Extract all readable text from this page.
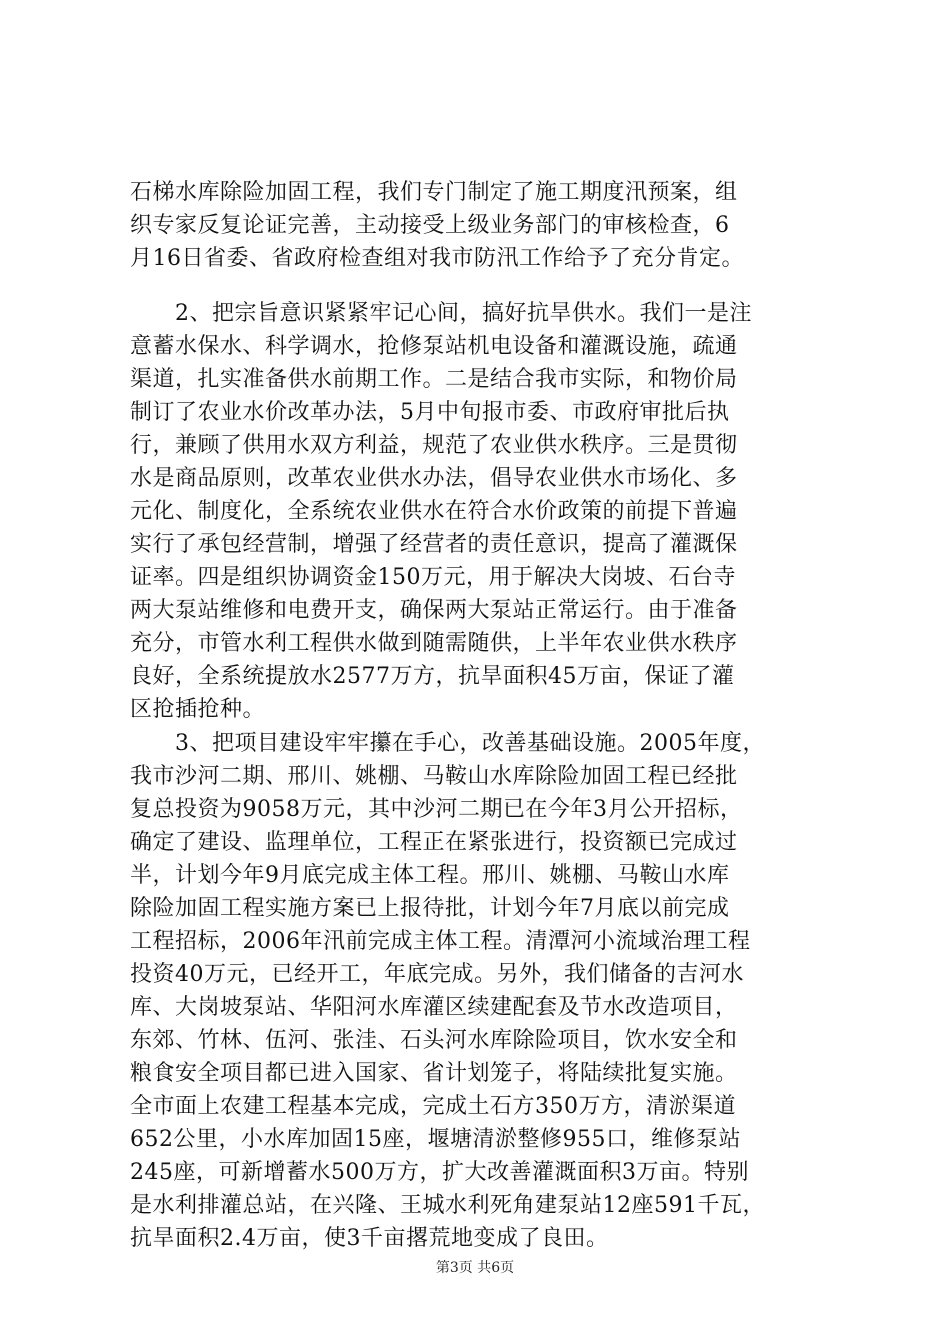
石梯水库除险加固工程，我们专门制定了施工期度汛预案，组
织专家反复论证完善，主动接受上级业务部门的审核检查，6
月16日省委、省政府检查组对我市防汛工作给予了充分肯定。
　　2、把宗旨意识紧紧牢记心间，搞好抗旱供水。我们一是注
意蓄水保水、科学调水，抢修泵站机电设备和灌溉设施，疏通
渠道，扎实准备供水前期工作。二是结合我市实际，和物价局
制订了农业水价改革办法，5月中旬报市委、市政府审批后执
行，兼顾了供用水双方利益，规范了农业供水秩序。三是贯彻
水是商品原则，改革农业供水办法，倡导农业供水市场化、多
元化、制度化，全系统农业供水在符合水价政策的前提下普遍
实行了承包经营制，增强了经营者的责任意识，提高了灌溉保
证率。四是组织协调资金150万元，用于解决大岗坡、石台寺
两大泵站维修和电费开支，确保两大泵站正常运行。由于准备
充分，市管水利工程供水做到随需随供，上半年农业供水秩序
良好，全系统提放水2577万方，抗旱面积45万亩，保证了灌
区抢插抢种。
　　3、把项目建设牢牢攥在手心，改善基础设施。2005年度，
我市沙河二期、邢川、姚棚、马鞍山水库除险加固工程已经批
复总投资为9058万元，其中沙河二期已在今年3月公开招标，
确定了建设、监理单位，工程正在紧张进行，投资额已完成过
半，计划今年9月底完成主体工程。邢川、姚棚、马鞍山水库
除险加固工程实施方案已上报待批，计划今年7月底以前完成
工程招标，2006年汛前完成主体工程。清潭河小流域治理工程
投资40万元，已经开工，年底完成。另外，我们储备的吉河水
库、大岗坡泵站、华阳河水库灌区续建配套及节水改造项目，
东郊、竹林、伍河、张洼、石头河水库除险项目，饮水安全和
粮食安全项目都已进入国家、省计划笼子，将陆续批复实施。
全市面上农建工程基本完成，完成土石方350万方，清淤渠道
652公里，小水库加固15座，堰塘清淤整修955口，维修泵站
245座，可新增蓄水500万方，扩大改善灌溉面积3万亩。特别
是水利排灌总站，在兴隆、王城水利死角建泵站12座591千瓦，
抗旱面积2.4万亩，使3千亩撂荒地变成了良田。
第3页 共6页
